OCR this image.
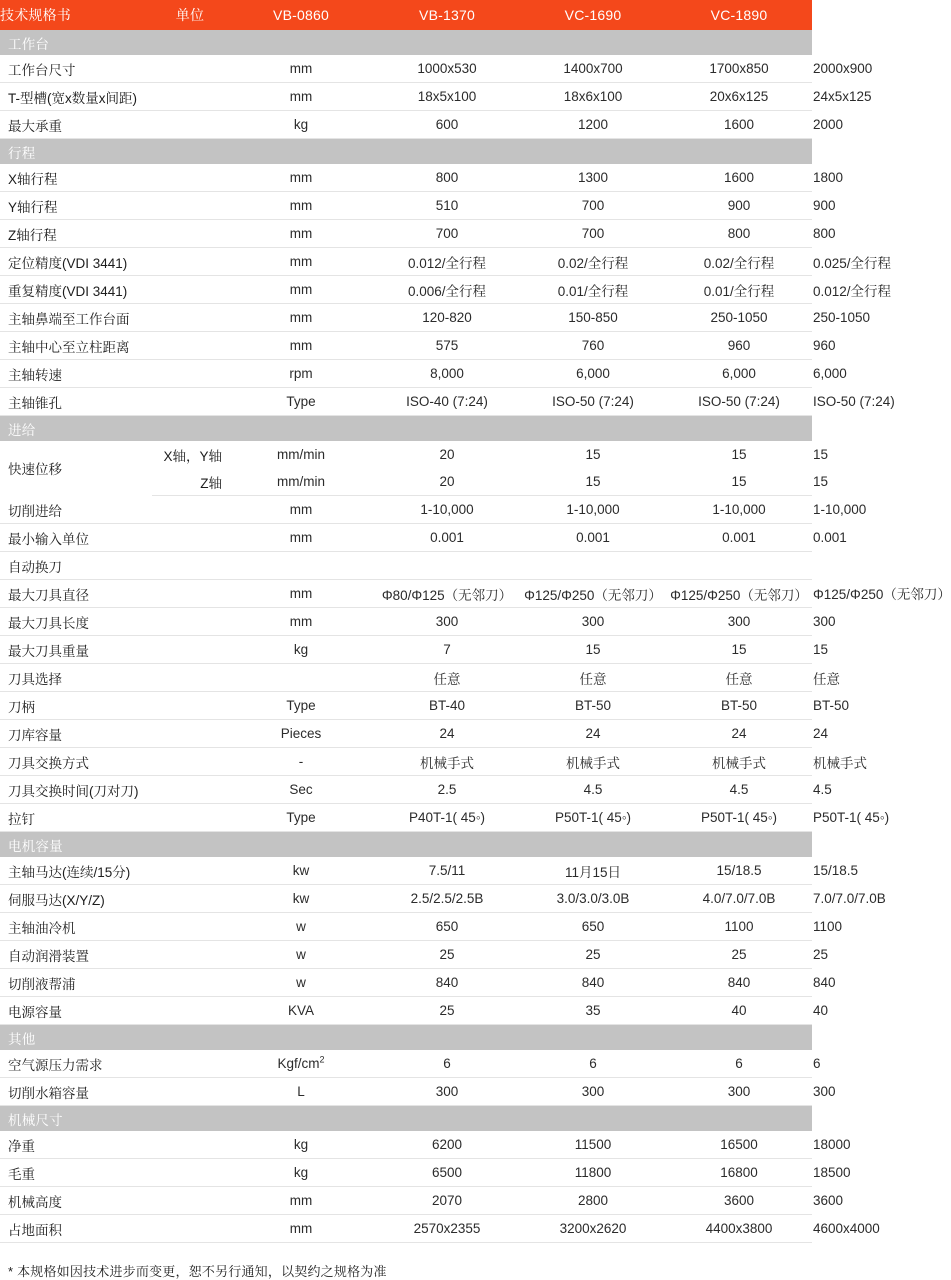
技术规格书	单位	VB-0860	VB-1370	VC-1690	VC-1890	
工作台						
工作台尺寸		mm	1000x530	1400x700	1700x850	2000x900
T-型槽(宽x数量x间距)		mm	18x5x100	18x6x100	20x6x125	24x5x125
最大承重		kg	600	1200	1600	2000
行程						
X轴行程		mm	800	1300	1600	1800
Y轴行程		mm	510	700	900	900
Z轴行程		mm	700	700	800	800
定位精度(VDI 3441)		mm	0.012/全行程	0.02/全行程	0.02/全行程	0.025/全行程
重复精度(VDI 3441)		mm	0.006/全行程	0.01/全行程	0.01/全行程	0.012/全行程
主轴鼻端至工作台面		mm	120-820	150-850	250-1050	250-1050
主轴中心至立柱距离		mm	575	760	960	960
主轴转速		rpm	8,000	6,000	6,000	6,000
主轴锥孔		Type	ISO-40 (7:24)	ISO-50 (7:24)	ISO-50 (7:24)	ISO-50 (7:24)
进给						
快速位移	X轴，Y轴	mm/min	20	15	15	15
	Z轴	mm/min	20	15	15	15
切削进给		mm	1-10,000	1-10,000	1-10,000	1-10,000
最小输入单位		mm	0.001	0.001	0.001	0.001
自动换刀						
最大刀具直径		mm	Φ80/Φ125（无邻刀）	Φ125/Φ250（无邻刀）	Φ125/Φ250（无邻刀）	Φ125/Φ250（无邻刀）
最大刀具长度		mm	300	300	300	300
最大刀具重量		kg	7	15	15	15
刀具选择			任意	任意	任意	任意
刀柄		Type	BT-40	BT-50	BT-50	BT-50
刀库容量		Pieces	24	24	24	24
刀具交换方式		-	机械手式	机械手式	机械手式	机械手式
刀具交换时间(刀对刀)		Sec	2.5	4.5	4.5	4.5
拉钉		Type	P40T-1( 45◦)	P50T-1( 45◦)	P50T-1( 45◦)	P50T-1( 45◦)
电机容量						
主轴马达(连续/15分)		kw	7.5/11	11月15日	15/18.5	15/18.5
伺服马达(X/Y/Z)		kw	2.5/2.5/2.5B	3.0/3.0/3.0B	4.0/7.0/7.0B	7.0/7.0/7.0B
主轴油冷机		w	650	650	1100	1100
自动润滑装置		w	25	25	25	25
切削液帮浦		w	840	840	840	840
电源容量		KVA	25	35	40	40
其他						
空气源压力需求		Kgf/$cm^2$	6	6	6	6
切削水箱容量		L	300	300	300	300
机械尺寸						
净重		kg	6200	11500	16500	18000
毛重		kg	6500	11800	16800	18500
机械高度		mm	2070	2800	3600	3600
占地面积		mm	2570x2355	3200x2620	4400x3800	4600x4000
* 本规格如因技术进步而变更，恕不另行通知，以契约之规格为准
